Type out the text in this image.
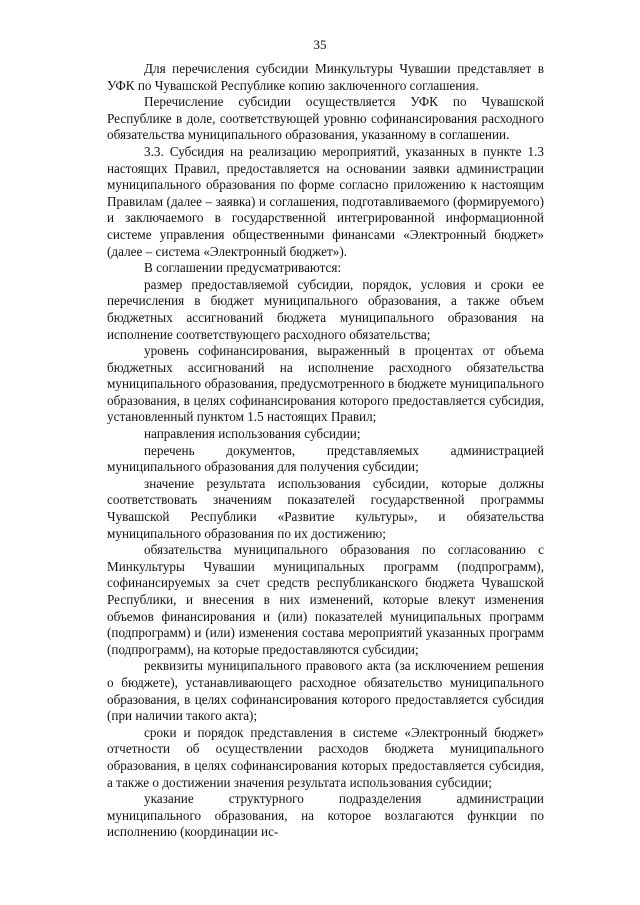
35

Для перечисления субсидии Минкультуры Чувашии представляет в УФК по Чувашской Республике копию заключенного соглашения.

Перечисление субсидии осуществляется УФК по Чувашской Республике в доле, соответствующей уровню софинансирования расходного обязательства муниципального образования, указанному в соглашении.

3.3. Субсидия на реализацию мероприятий, указанных в пункте 1.3 настоящих Правил, предоставляется на основании заявки администрации муниципального образования по форме согласно приложению к настоящим Правилам (далее – заявка) и соглашения, подготавливаемого (формируемого) и заключаемого в государственной интегрированной информационной системе управления общественными финансами «Электронный бюджет» (далее – система «Электронный бюджет»).

В соглашении предусматриваются:

размер предоставляемой субсидии, порядок, условия и сроки ее перечисления в бюджет муниципального образования, а также объем бюджетных ассигнований бюджета муниципального образования на исполнение соответствующего расходного обязательства;

уровень софинансирования, выраженный в процентах от объема бюджетных ассигнований на исполнение расходного обязательства муниципального образования, предусмотренного в бюджете муниципального образования, в целях софинансирования которого предоставляется субсидия, установленный пунктом 1.5 настоящих Правил;

направления использования субсидии;

перечень документов, представляемых администрацией муниципального образования для получения субсидии;

значение результата использования субсидии, которые должны соответствовать значениям показателей государственной программы Чувашской Республики «Развитие культуры», и обязательства муниципального образования по их достижению;

обязательства муниципального образования по согласованию с Минкультуры Чувашии муниципальных программ (подпрограмм), софинансируемых за счет средств республиканского бюджета Чувашской Республики, и внесения в них изменений, которые влекут изменения объемов финансирования и (или) показателей муниципальных программ (подпрограмм) и (или) изменения состава мероприятий указанных программ (подпрограмм), на которые предоставляются субсидии;

реквизиты муниципального правового акта (за исключением решения о бюджете), устанавливающего расходное обязательство муниципального образования, в целях софинансирования которого предоставляется субсидия (при наличии такого акта);

сроки и порядок представления в системе «Электронный бюджет» отчетности об осуществлении расходов бюджета муниципального образования, в целях софинансирования которых предоставляется субсидия, а также о достижении значения результата использования субсидии;

указание структурного подразделения администрации муниципального образования, на которое возлагаются функции по исполнению (координации ис-
